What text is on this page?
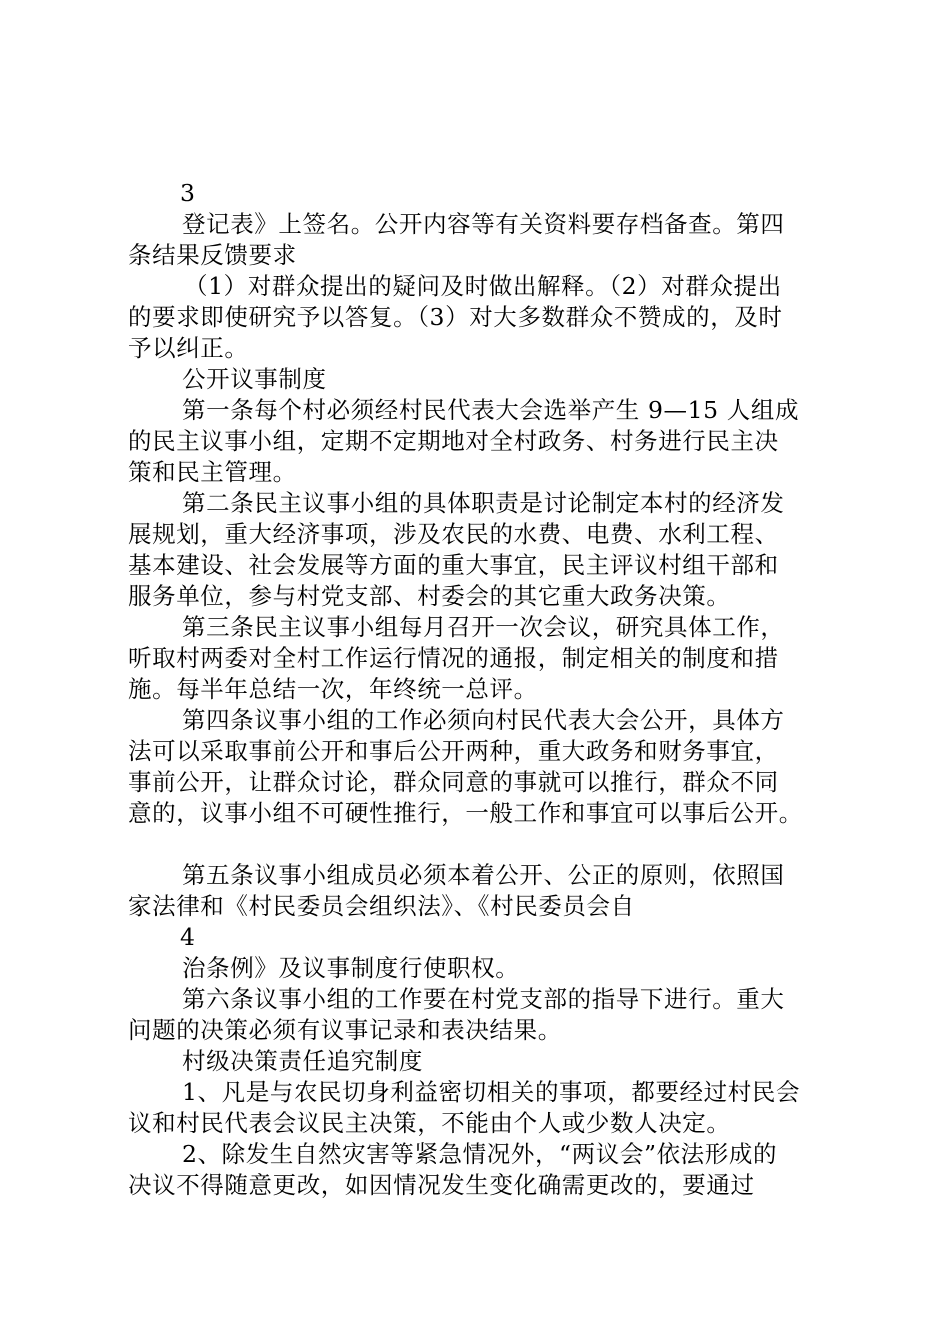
3
登记表》上签名。公开内容等有关资料要存档备查。第四
条结果反馈要求
（1）对群众提出的疑问及时做出解释。（2）对群众提出
的要求即使研究予以答复。（3）对大多数群众不赞成的，及时
予以纠正。
公开议事制度
第一条每个村必须经村民代表大会选举产生 9—15 人组成
的民主议事小组，定期不定期地对全村政务、村务进行民主决
策和民主管理。
第二条民主议事小组的具体职责是讨论制定本村的经济发
展规划，重大经济事项，涉及农民的水费、电费、水利工程、
基本建设、社会发展等方面的重大事宜，民主评议村组干部和
服务单位，参与村党支部、村委会的其它重大政务决策。
第三条民主议事小组每月召开一次会议，研究具体工作，
听取村两委对全村工作运行情况的通报，制定相关的制度和措
施。每半年总结一次，年终统一总评。
第四条议事小组的工作必须向村民代表大会公开，具体方
法可以采取事前公开和事后公开两种，重大政务和财务事宜，
事前公开，让群众讨论，群众同意的事就可以推行，群众不同
意的，议事小组不可硬性推行，一般工作和事宜可以事后公开。
第五条议事小组成员必须本着公开、公正的原则，依照国
家法律和《村民委员会组织法》、《村民委员会自
4
治条例》及议事制度行使职权。
第六条议事小组的工作要在村党支部的指导下进行。重大
问题的决策必须有议事记录和表决结果。
村级决策责任追究制度
1、凡是与农民切身利益密切相关的事项，都要经过村民会
议和村民代表会议民主决策，不能由个人或少数人决定。
2、除发生自然灾害等紧急情况外，“两议会”依法形成的
决议不得随意更改，如因情况发生变化确需更改的，要通过
